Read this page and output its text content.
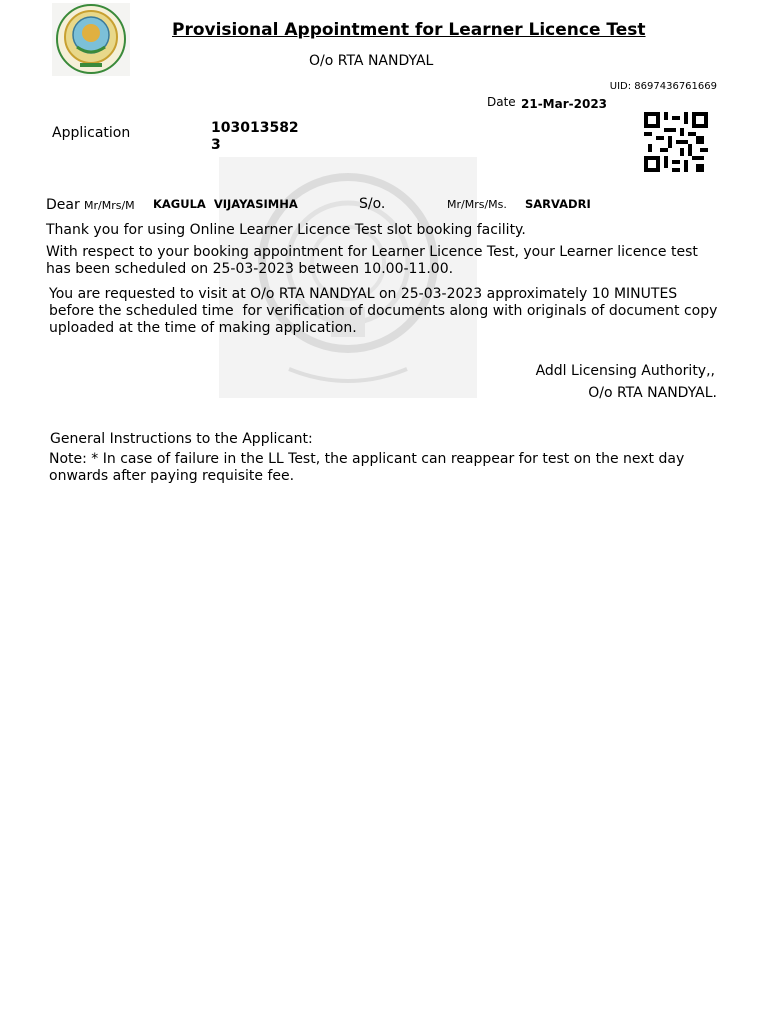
Provisional Appointment for Learner Licence Test
O/o RTA NANDYAL
UID: 8697436761669
Date 21-Mar-2023
Application	1030135823
Dear Mr/Mrs/M KAGULA  VIJAYASIMHA	S/o.	Mr/Mrs/Ms. SARVADRI
Thank you for using Online Learner Licence Test slot booking facility.
With respect to your booking appointment for Learner Licence Test, your Learner licence test has been scheduled on 25-03-2023 between 10.00-11.00.
You are requested to visit at O/o RTA NANDYAL on 25-03-2023 approximately 10 MINUTES  before the scheduled time  for verification of documents along with originals of document copy uploaded at the time of making application.
Addl Licensing Authority,,
O/o RTA NANDYAL.
General Instructions to the Applicant:
Note: * In case of failure in the LL Test, the applicant can reappear for test on the next day onwards after paying requisite fee.
